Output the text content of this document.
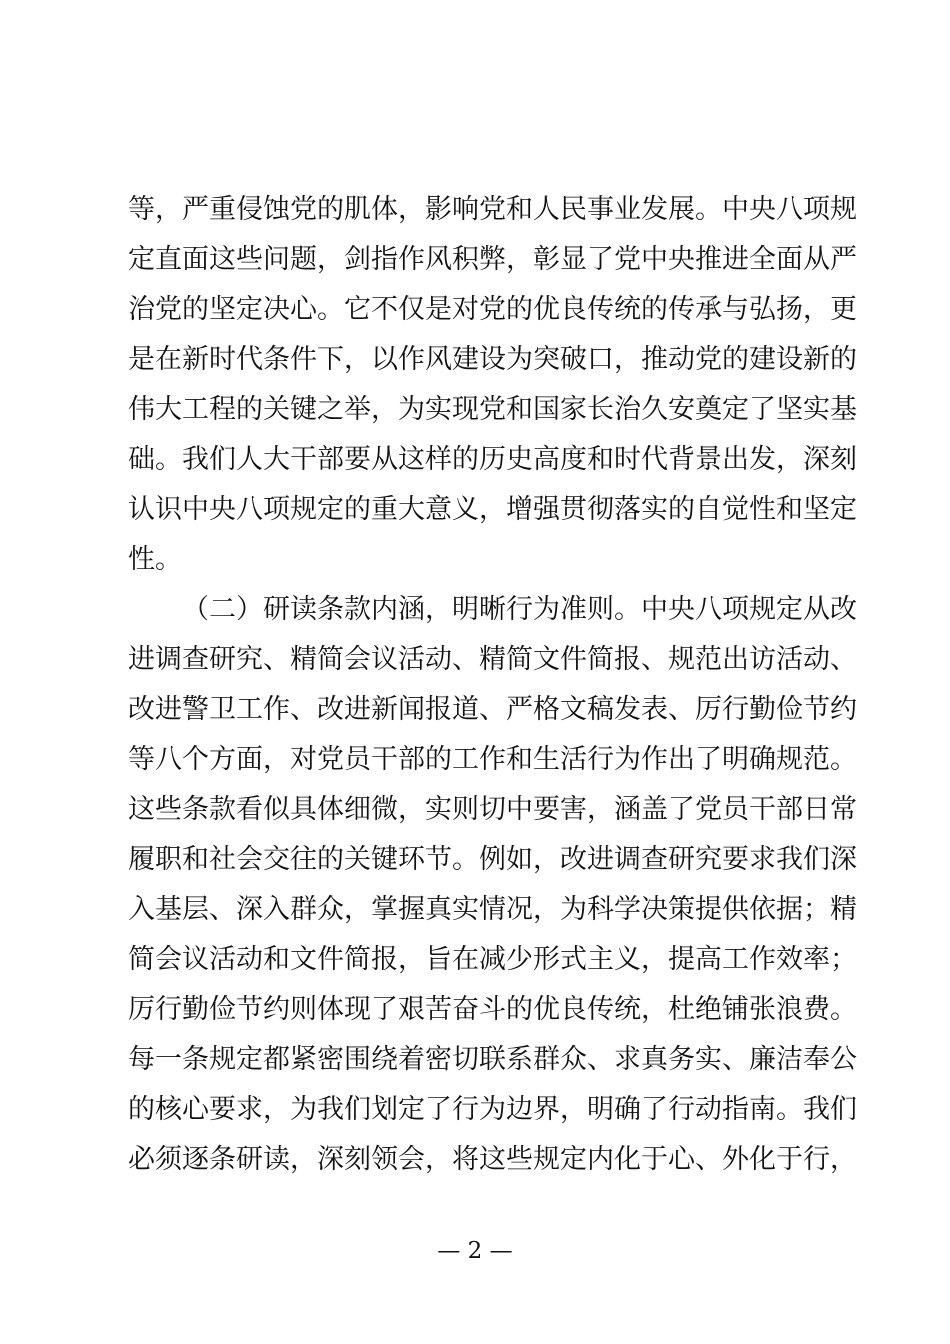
等，严重侵蚀党的肌体，影响党和人民事业发展。中央八项规
定直面这些问题，剑指作风积弊，彰显了党中央推进全面从严
治党的坚定决心。它不仅是对党的优良传统的传承与弘扬，更
是在新时代条件下，以作风建设为突破口，推动党的建设新的
伟大工程的关键之举，为实现党和国家长治久安奠定了坚实基
础。我们人大干部要从这样的历史高度和时代背景出发，深刻
认识中央八项规定的重大意义，增强贯彻落实的自觉性和坚定
性。
（二）研读条款内涵，明晰行为准则。中央八项规定从改
进调查研究、精简会议活动、精简文件简报、规范出访活动、
改进警卫工作、改进新闻报道、严格文稿发表、厉行勤俭节约
等八个方面，对党员干部的工作和生活行为作出了明确规范。
这些条款看似具体细微，实则切中要害，涵盖了党员干部日常
履职和社会交往的关键环节。例如，改进调查研究要求我们深
入基层、深入群众，掌握真实情况，为科学决策提供依据；精
简会议活动和文件简报，旨在减少形式主义，提高工作效率；
厉行勤俭节约则体现了艰苦奋斗的优良传统，杜绝铺张浪费。
每一条规定都紧密围绕着密切联系群众、求真务实、廉洁奉公
的核心要求，为我们划定了行为边界，明确了行动指南。我们
必须逐条研读，深刻领会，将这些规定内化于心、外化于行，
— 2 —
